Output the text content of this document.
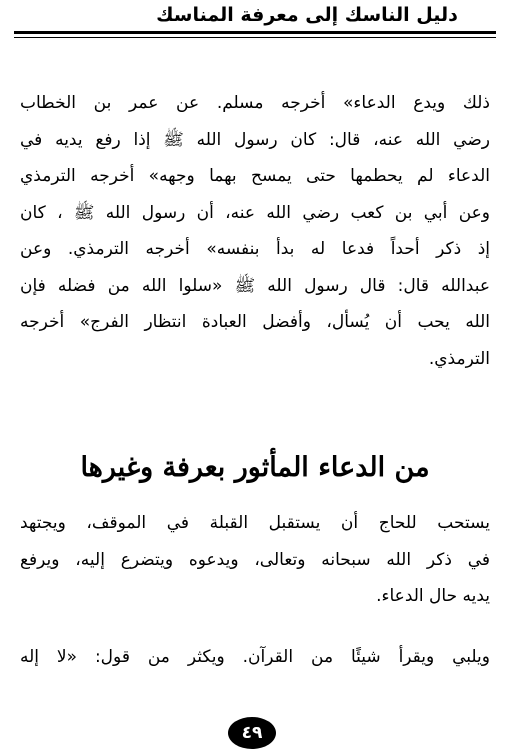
دليل الناسك إلى معرفة المناسك
ذلك ويدع الدعاء» أخرجه مسلم. عن عمر بن الخطاب
رضي الله عنه، قال: كان رسول الله ﷺ إذا رفع يديه في
الدعاء لم يحطمها حتى يمسح بهما وجهه» أخرجه الترمذي
وعن أبي بن كعب رضي الله عنه، أن رسول الله ﷺ ، كان
إذ ذكر أحداً فدعا له بدأ بنفسه» أخرجه الترمذي. وعن
عبدالله قال: قال رسول الله ﷺ «سلوا الله من فضله فإن
الله يحب أن يُسأل، وأفضل العبادة انتظار الفرج» أخرجه
الترمذي.
من الدعاء المأثور بعرفة وغيرها
يستحب للحاج أن يستقبل القبلة في الموقف، ويجتهد
في ذكر الله سبحانه وتعالى، ويدعوه ويتضرع إليه، ويرفع
يديه حال الدعاء.
ويلبي ويقرأ شيئًا من القرآن. ويكثر من قول: «لا إله
٤٩
